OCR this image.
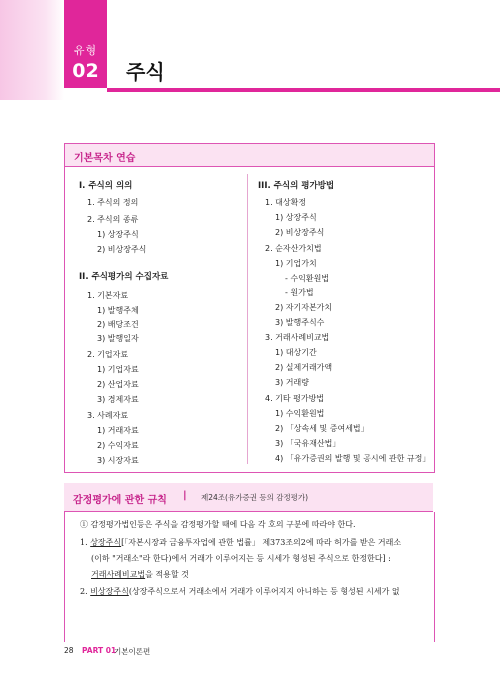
유형
02	주식
기본목차 연습
I. 주식의 의의
1. 주식의 정의
2. 주식의 종류
1) 상장주식
2) 비상장주식
II. 주식평가의 수집자료
1. 기본자료
1) 발행주체
2) 배당조건
3) 발행일자
2. 기업자료
1) 기업자료
2) 산업자료
3) 경제자료
3. 사례자료
1) 거래자료
2) 수익자료
3) 시장자료
III. 주식의 평가방법
1. 대상확정
1) 상장주식
2) 비상장주식
2. 순자산가치법
1) 기업가치
- 수익환원법
- 원가법
2) 자기자본가치
3) 발행주식수
3. 거래사례비교법
1) 대상기간
2) 실제거래가액
3) 거래량
4. 기타 평가방법
1) 수익환원법
2) 「상속세 및 증여세법」
3) 「국유재산법」
4) 「유가증권의 발행 및 공시에 관한 규정」
감정평가에 관한 규칙 | 제24조(유가증권 등의 감정평가)
① 감정평가법인등은 주식을 감정평가할 때에 다음 각 호의 구분에 따라야 한다.
1. 상장주식[「자본시장과 금융투자업에 관한 법률」 제373조의2에 따라 허가를 받은 거래소
(이하 "거래소"라 한다)에서 거래가 이루어지는 등 시세가 형성된 주식으로 한정한다] :
거래사례비교법을 적용할 것
2. 비상장주식(상장주식으로서 거래소에서 거래가 이루어지지 아니하는 등 형성된 시세가 없
28 PART 01
기본이론편
